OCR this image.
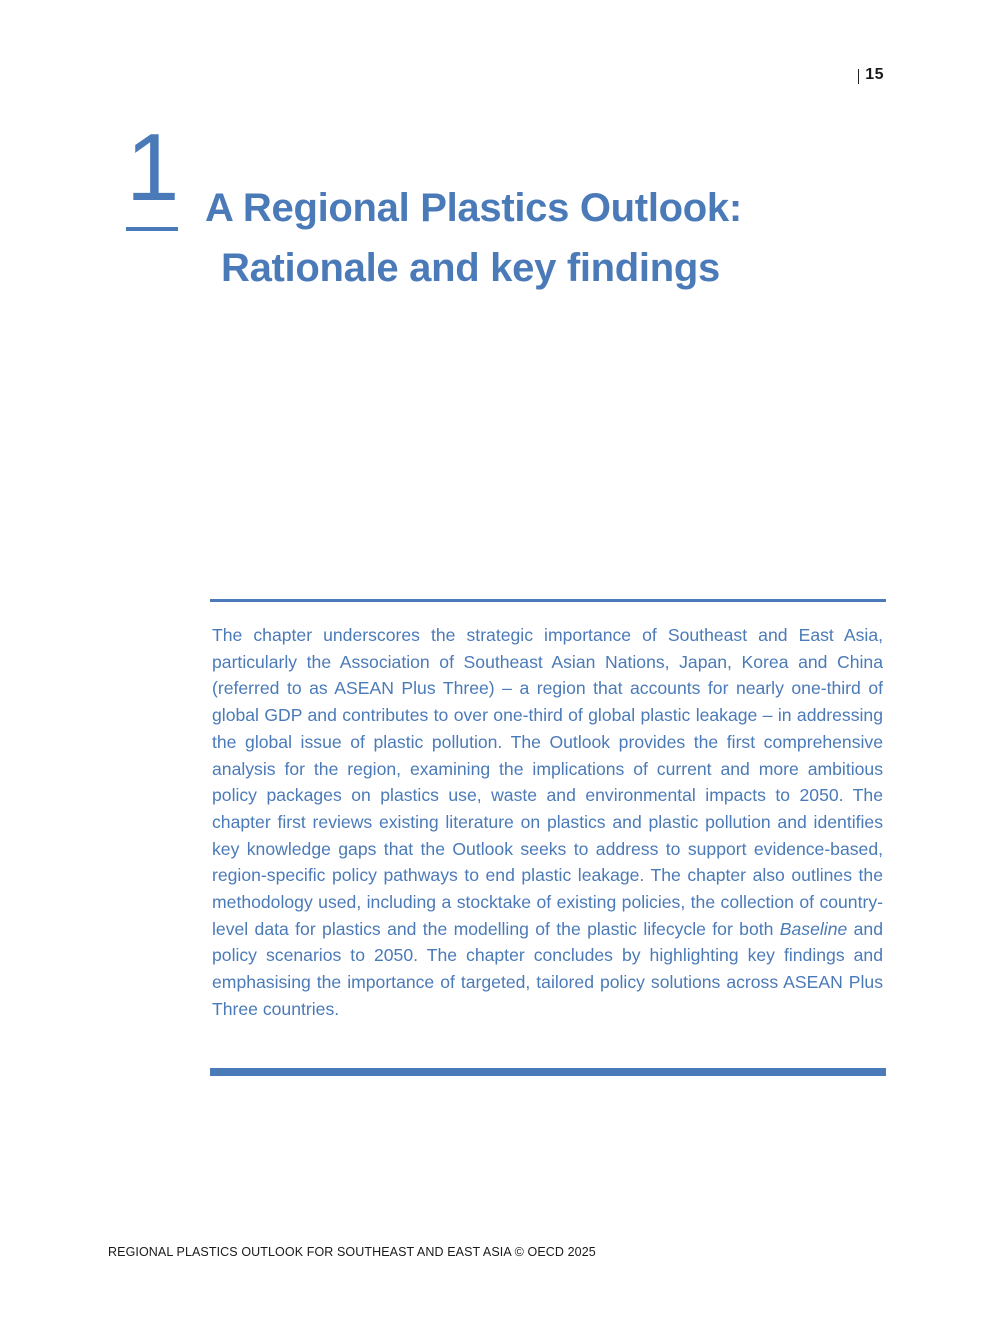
15
1 A Regional Plastics Outlook:
Rationale and key findings

The chapter underscores the strategic importance of Southeast and East Asia, particularly the Association of Southeast Asian Nations, Japan, Korea and China (referred to as ASEAN Plus Three) – a region that accounts for nearly one-third of global GDP and contributes to over one-third of global plastic leakage – in addressing the global issue of plastic pollution. The Outlook provides the first comprehensive analysis for the region, examining the implications of current and more ambitious policy packages on plastics use, waste and environmental impacts to 2050. The chapter first reviews existing literature on plastics and plastic pollution and identifies key knowledge gaps that the Outlook seeks to address to support evidence-based, region-specific policy pathways to end plastic leakage. The chapter also outlines the methodology used, including a stocktake of existing policies, the collection of country-level data for plastics and the modelling of the plastic lifecycle for both Baseline and policy scenarios to 2050. The chapter concludes by highlighting key findings and emphasising the importance of targeted, tailored policy solutions across ASEAN Plus Three countries.

REGIONAL PLASTICS OUTLOOK FOR SOUTHEAST AND EAST ASIA © OECD 2025
